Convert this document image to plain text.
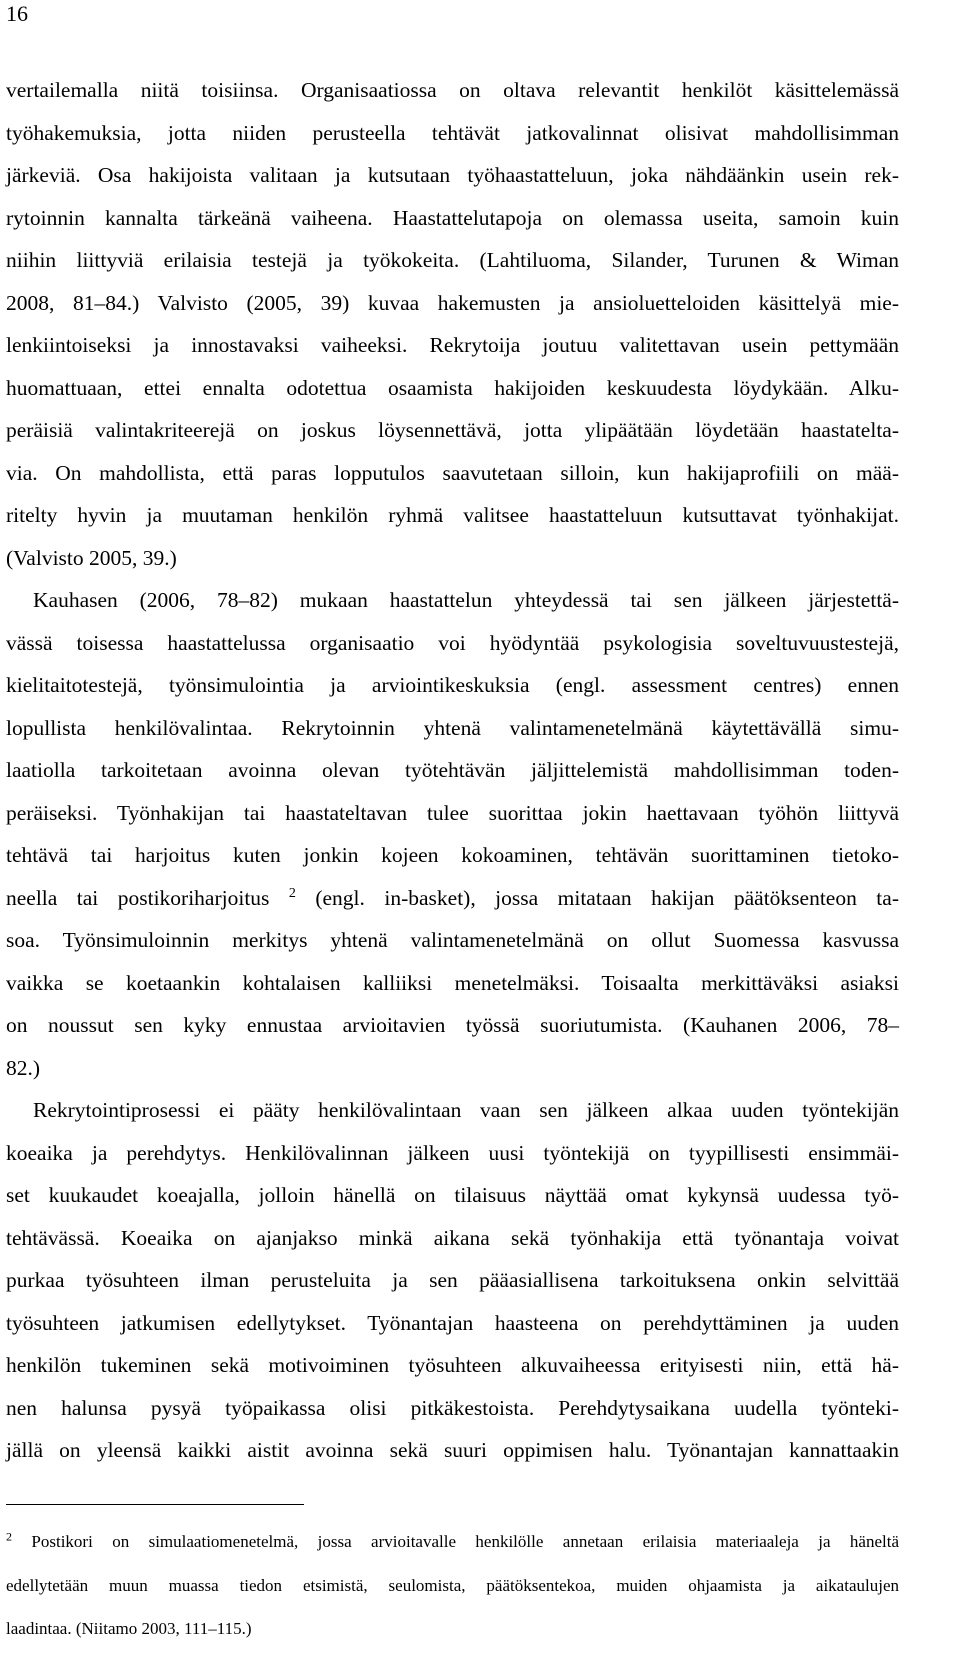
16
vertailemalla niitä toisiinsa. Organisaatiossa on oltava relevantit henkilöt käsittelemässä
työhakemuksia, jotta niiden perusteella tehtävät jatkovalinnat olisivat mahdollisimman
järkeviä. Osa hakijoista valitaan ja kutsutaan työhaastatteluun, joka nähdäänkin usein rek-
rytoinnin kannalta tärkeänä vaiheena. Haastattelutapoja on olemassa useita, samoin kuin
niihin liittyviä erilaisia testejä ja työkokeita. (Lahtiluoma, Silander, Turunen & Wiman
2008, 81–84.) Valvisto (2005, 39) kuvaa hakemusten ja ansioluetteloiden käsittelyä mie-
lenkiintoiseksi ja innostavaksi vaiheeksi. Rekrytoija joutuu valitettavan usein pettymään
huomattuaan, ettei ennalta odotettua osaamista hakijoiden keskuudesta löydykään. Alku-
peräisiä valintakriteerejä on joskus löysennettävä, jotta ylipäätään löydetään haastateltа-
via. On mahdollista, että paras lopputulos saavutetaan silloin, kun hakijaprofiili on mää-
ritelty hyvin ja muutaman henkilön ryhmä valitsee haastatteluun kutsuttavat työnhakijat.
(Valvisto 2005, 39.)
Kauhasen (2006, 78–82) mukaan haastattelun yhteydessä tai sen jälkeen järjestettä-
vässä toisessa haastattelussa organisaatio voi hyödyntää psykologisia soveltuvuustestejä,
kielitaitotestejä, työnsimulointia ja arviointikeskuksia (engl. assessment centres) ennen
lopullista henkilövalintaa. Rekrytoinnin yhtenä valintamenetelmänä käytettävällä simu-
laatiolla tarkoitetaan avoinna olevan työtehtävän jäljittelemistä mahdollisimman toden-
peräiseksi. Työnhakijan tai haastateltavan tulee suorittaa jokin haettavaan työhön liittyvä
tehtävä tai harjoitus kuten jonkin kojeen kokoaminen, tehtävän suorittaminen tietoko-
neella tai postikoriharjoitus $^2$ (engl. in-basket), jossa mitataan hakijan päätöksenteon ta-
soa. Työnsimuloinnin merkitys yhtenä valintamenetelmänä on ollut Suomessa kasvussa
vaikka se koetaankin kohtalaisen kalliiksi menetelmäksi. Toisaalta merkittäväksi asiaksi
on noussut sen kyky ennustaa arvioitavien työssä suoriutumista. (Kauhanen 2006, 78–
82.)
Rekrytointiprosessi ei pääty henkilövalintaan vaan sen jälkeen alkaa uuden työntekijän
koeaika ja perehdytys. Henkilövalinnan jälkeen uusi työntekijä on tyypillisesti ensimmäi-
set kuukaudet koeajalla, jolloin hänellä on tilaisuus näyttää omat kykynsä uudessa työ-
tehtävässä. Koeaika on ajanjakso minkä aikana sekä työnhakija että työnantaja voivat
purkaa työsuhteen ilman perusteluita ja sen pääasiallisena tarkoituksena onkin selvittää
työsuhteen jatkumisen edellytykset. Työnantajan haasteena on perehdyttäminen ja uuden
henkilön tukeminen sekä motivoiminen työsuhteen alkuvaiheessa erityisesti niin, että hä-
nen halunsa pysyä työpaikassa olisi pitkäkestoista. Perehdytysaikana uudella työnteki-
jällä on yleensä kaikki aistit avoinna sekä suuri oppimisen halu. Työnantajan kannattaakin
$^2$ Postikori on simulaatiomenetelmä, jossa arvioitavalle henkilölle annetaan erilaisia materiaaleja ja häneltä
edellytetään muun muassa tiedon etsimistä, seulomista, päätöksentekoa, muiden ohjaamista ja aikataulujen
laadintaa. (Niitamo 2003, 111–115.)
